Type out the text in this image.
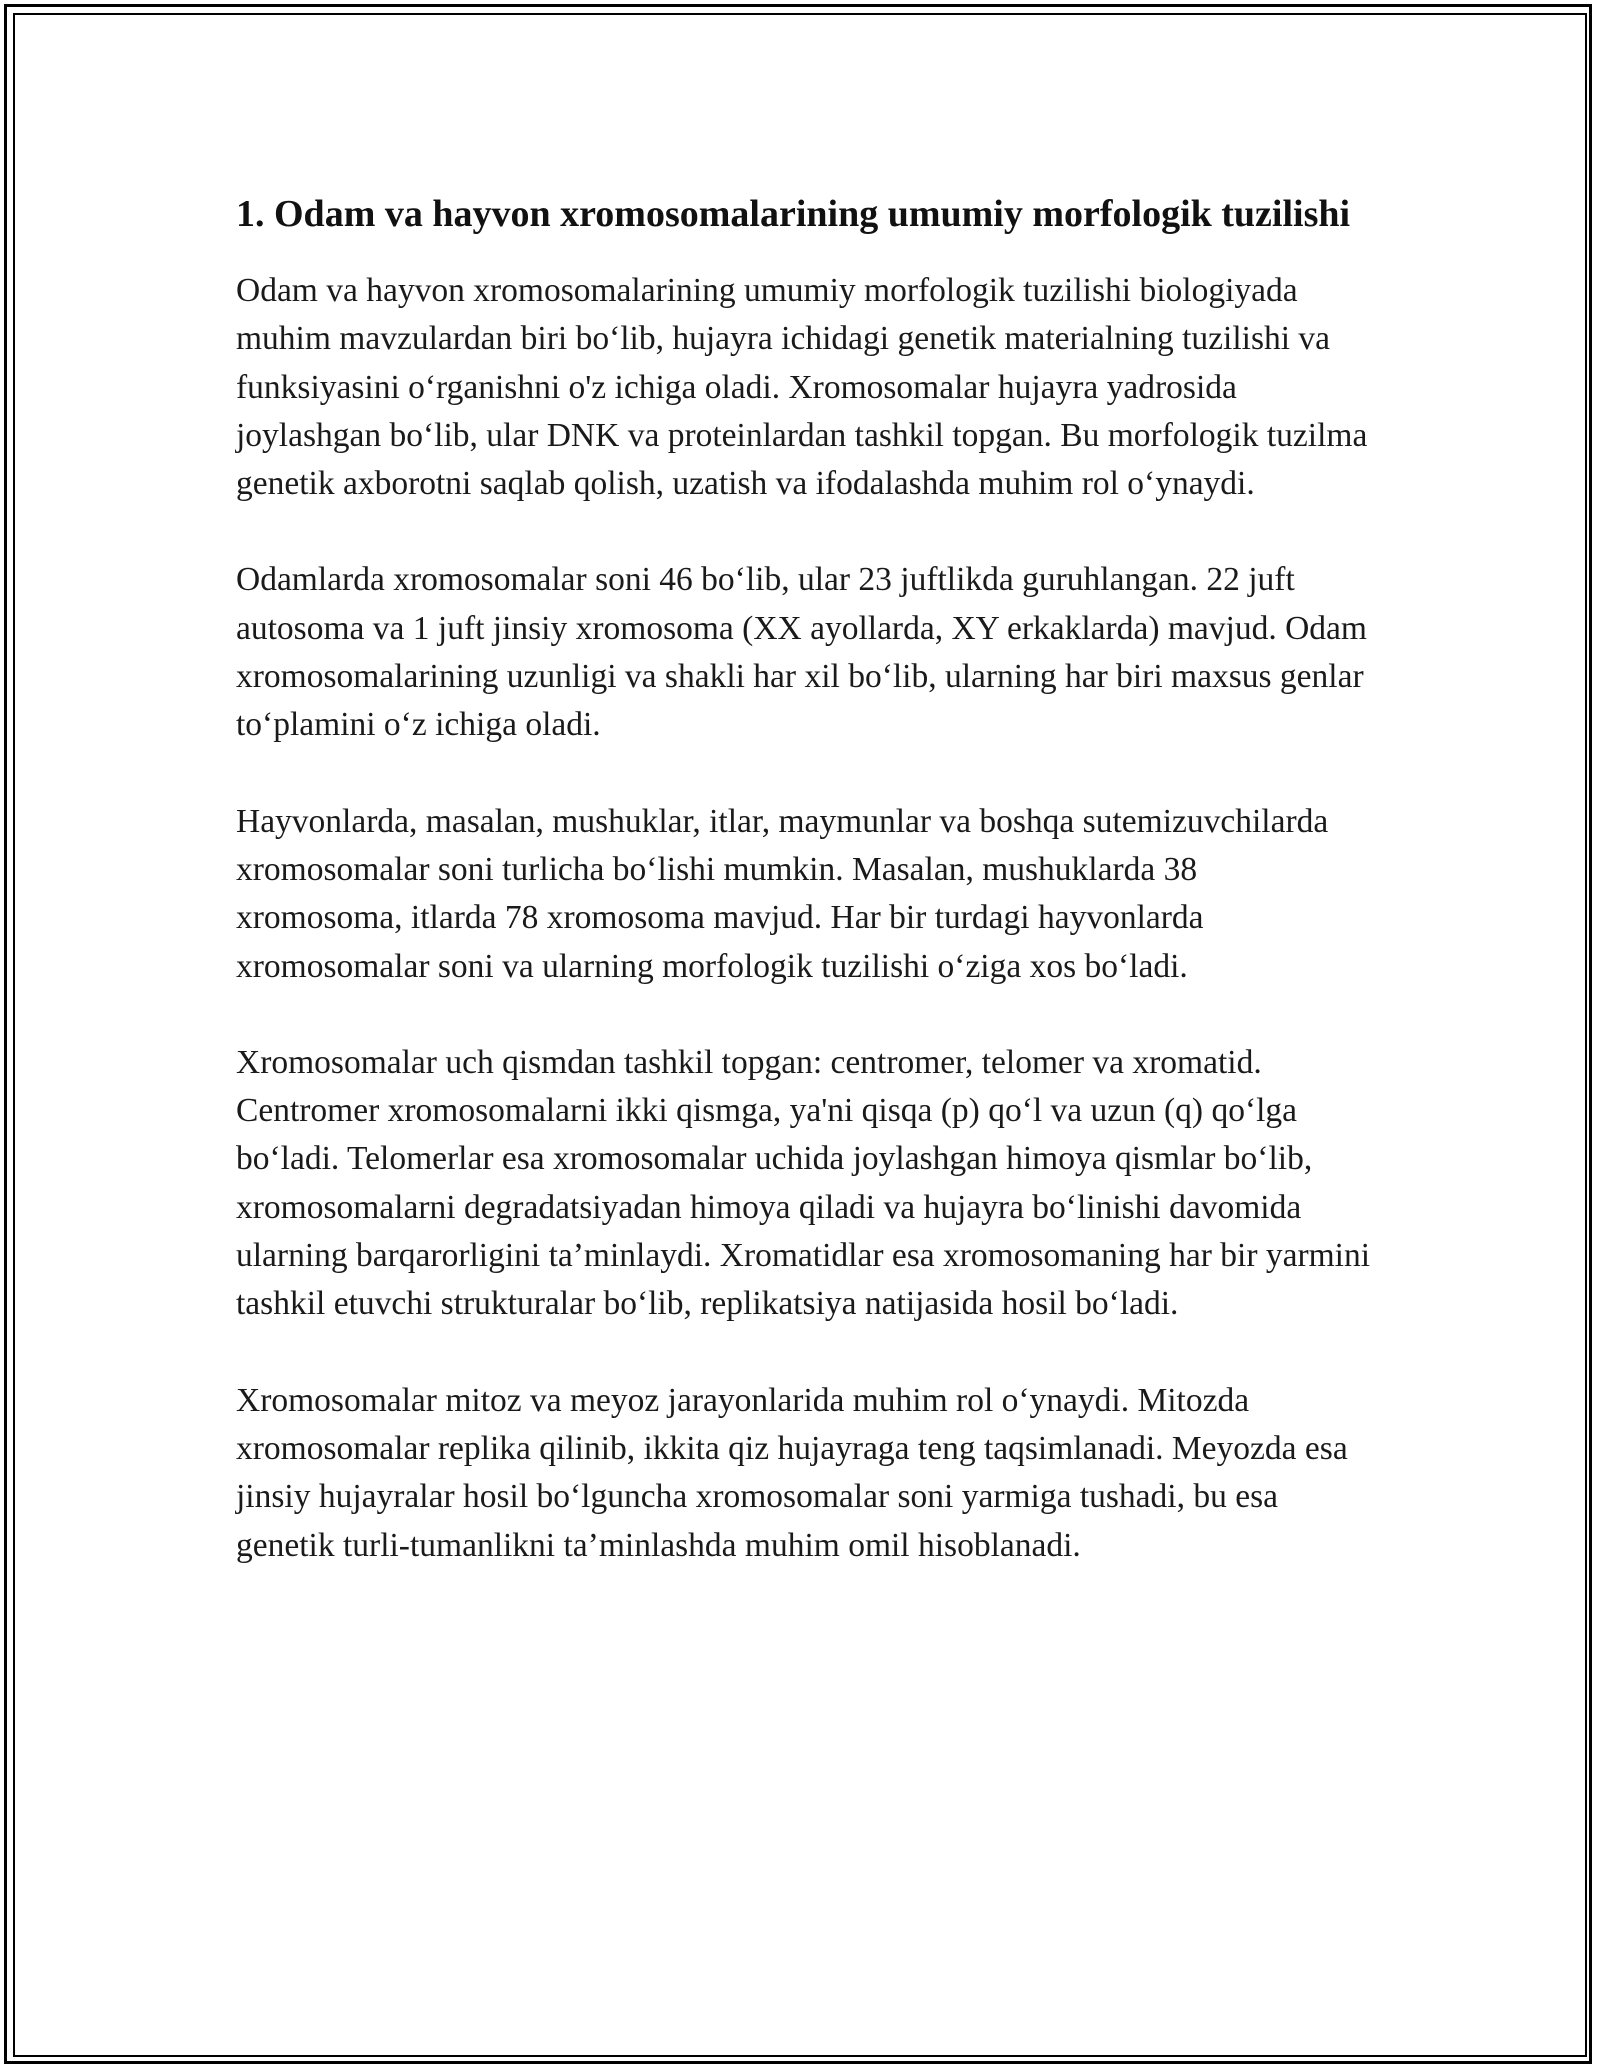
1. Odam va hayvon xromosomalarining umumiy morfologik tuzilishi

Odam va hayvon xromosomalarining umumiy morfologik tuzilishi biologiyada muhim mavzulardan biri boʻlib, hujayra ichidagi genetik materialning tuzilishi va funksiyasini oʻrganishni o'z ichiga oladi. Xromosomalar hujayra yadrosida joylashgan boʻlib, ular DNK va proteinlardan tashkil topgan. Bu morfologik tuzilma genetik axborotni saqlab qolish, uzatish va ifodalashda muhim rol oʻynaydi.

Odamlarda xromosomalar soni 46 boʻlib, ular 23 juftlikda guruhlangan. 22 juft autosoma va 1 juft jinsiy xromosoma (XX ayollarda, XY erkaklarda) mavjud. Odam xromosomalarining uzunligi va shakli har xil boʻlib, ularning har biri maxsus genlar toʻplamini oʻz ichiga oladi.

Hayvonlarda, masalan, mushuklar, itlar, maymunlar va boshqa sutemizuvchilarda xromosomalar soni turlicha boʻlishi mumkin. Masalan, mushuklarda 38 xromosoma, itlarda 78 xromosoma mavjud. Har bir turdagi hayvonlarda xromosomalar soni va ularning morfologik tuzilishi oʻziga xos boʻladi.

Xromosomalar uch qismdan tashkil topgan: centromer, telomer va xromatid. Centromer xromosomalarni ikki qismga, ya'ni qisqa (p) qoʻl va uzun (q) qoʻlga boʻladi. Telomerlar esa xromosomalar uchida joylashgan himoya qismlar boʻlib, xromosomalarni degradatsiyadan himoya qiladi va hujayra boʻlinishi davomida ularning barqarorligini ta’minlaydi. Xromatidlar esa xromosomaning har bir yarmini tashkil etuvchi strukturalar boʻlib, replikatsiya natijasida hosil boʻladi.

Xromosomalar mitoz va meyoz jarayonlarida muhim rol oʻynaydi. Mitozda xromosomalar replika qilinib, ikkita qiz hujayraga teng taqsimlanadi. Meyozda esa jinsiy hujayralar hosil boʻlguncha xromosomalar soni yarmiga tushadi, bu esa genetik turli-tumanlikni ta’minlashda muhim omil hisoblanadi.
